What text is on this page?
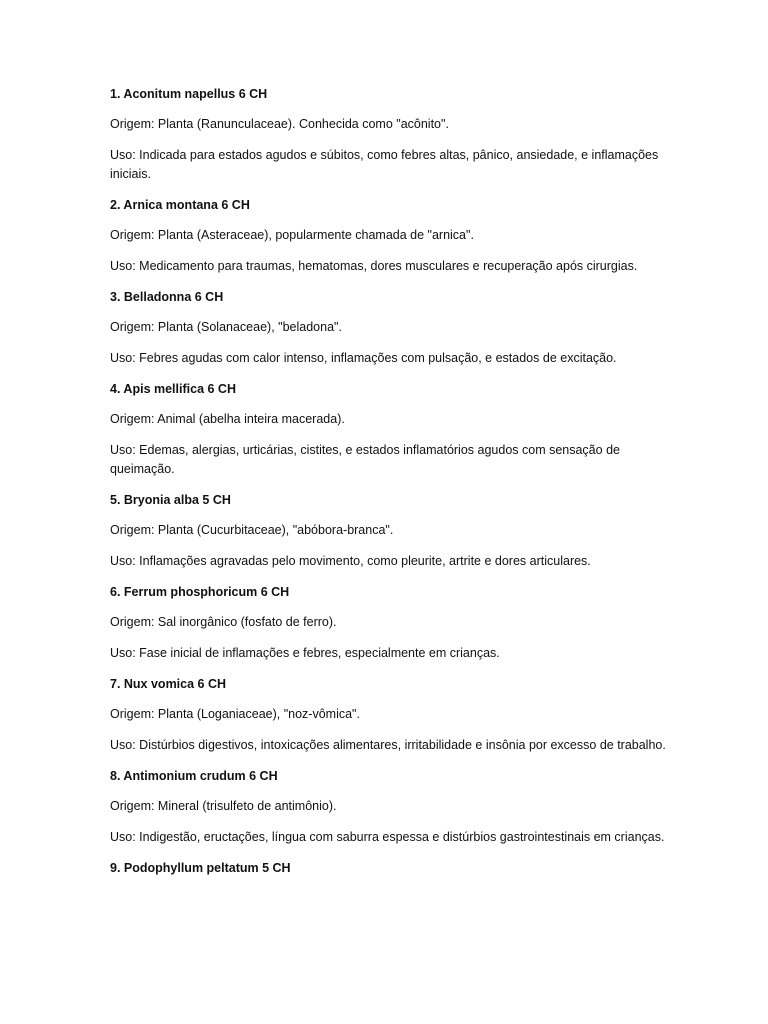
1. Aconitum napellus 6 CH

Origem: Planta (Ranunculaceae). Conhecida como "acônito".

Uso: Indicada para estados agudos e súbitos, como febres altas, pânico, ansiedade, e inflamações iniciais.

2. Arnica montana 6 CH

Origem: Planta (Asteraceae), popularmente chamada de "arnica".

Uso: Medicamento para traumas, hematomas, dores musculares e recuperação após cirurgias.

3. Belladonna 6 CH

Origem: Planta (Solanaceae), "beladona".

Uso: Febres agudas com calor intenso, inflamações com pulsação, e estados de excitação.

4. Apis mellifica 6 CH

Origem: Animal (abelha inteira macerada).

Uso: Edemas, alergias, urticárias, cistites, e estados inflamatórios agudos com sensação de queimação.

5. Bryonia alba 5 CH

Origem: Planta (Cucurbitaceae), "abóbora-branca".

Uso: Inflamações agravadas pelo movimento, como pleurite, artrite e dores articulares.

6. Ferrum phosphoricum 6 CH

Origem: Sal inorgânico (fosfato de ferro).

Uso: Fase inicial de inflamações e febres, especialmente em crianças.

7. Nux vomica 6 CH

Origem: Planta (Loganiaceae), "noz-vômica".

Uso: Distúrbios digestivos, intoxicações alimentares, irritabilidade e insônia por excesso de trabalho.

8. Antimonium crudum 6 CH

Origem: Mineral (trisulfeto de antimônio).

Uso: Indigestão, eructações, língua com saburra espessa e distúrbios gastrointestinais em crianças.

9. Podophyllum peltatum 5 CH
